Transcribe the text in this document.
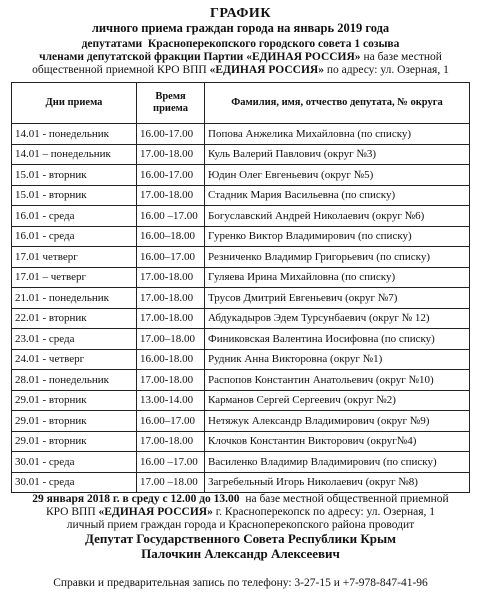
ГРАФИК
личного приема граждан города на январь 2019 года
депутатами Красноперекопского городского совета 1 созыва
членами депутатской фракции Партии «ЕДИНАЯ РОССИЯ» на базе местной
общественной приемной КРО ВПП «ЕДИНАЯ РОССИЯ» по адресу: ул. Озерная, 1
Дни приема	Время приема	Фамилия, имя, отчество депутата, № округа
14.01 - понедельник	16.00-17.00	Попова Анжелика Михайловна (по списку)
14.01 – понедельник	17.00-18.00	Куль Валерий Павлович (округ №3)
15.01 - вторник	16.00-17.00	Юдин Олег Евгеньевич (округ №5)
15.01 - вторник	17.00-18.00	Стадник Мария Васильевна (по списку)
16.01 - среда	16.00 –17.00	Богуславский Андрей Николаевич (округ №6)
16.01 - среда	16.00–18.00	Гуренко Виктор Владимирович (по списку)
17.01 четверг	16.00–17.00	Резниченко Владимир Григорьевич (по списку)
17.01 – четверг	17.00-18.00	Гуляева Ирина Михайловна (по списку)
21.01 - понедельник	17.00-18.00	Трусов Дмитрий Евгеньевич (округ №7)
22.01 - вторник	17.00-18.00	Абдукадыров Эдем Турсунбаевич (округ № 12)
23.01 - среда	17.00–18.00	Финиковская Валентина Иосифовна (по списку)
24.01 - четверг	16.00-18.00	Рудник Анна Викторовна (округ №1)
28.01 - понедельник	17.00-18.00	Распопов Константин Анатольевич (округ №10)
29.01 - вторник	13.00-14.00	Карманов Сергей Сергеевич (округ №2)
29.01 - вторник	16.00–17.00	Нетяжук Александр Владимирович (округ №9)
29.01 - вторник	17.00-18.00	Клочков Константин Викторович (округ№4)
30.01 - среда	16.00 –17.00	Василенко Владимир Владимирович (по списку)
30.01 - среда	17.00 –18.00	Загребельный Игорь Николаевич (округ №8)
29 января 2018 г. в среду с 12.00 до 13.00 на базе местной общественной приемной
КРО ВПП «ЕДИНАЯ РОССИЯ» г. Красноперекопск по адресу: ул. Озерная, 1
личный прием граждан города и Красноперекопского района проводит
Депутат Государственного Совета Республики Крым
Палочкин Александр Алексеевич
Справки и предварительная запись по телефону: 3-27-15 и +7-978-847-41-96
